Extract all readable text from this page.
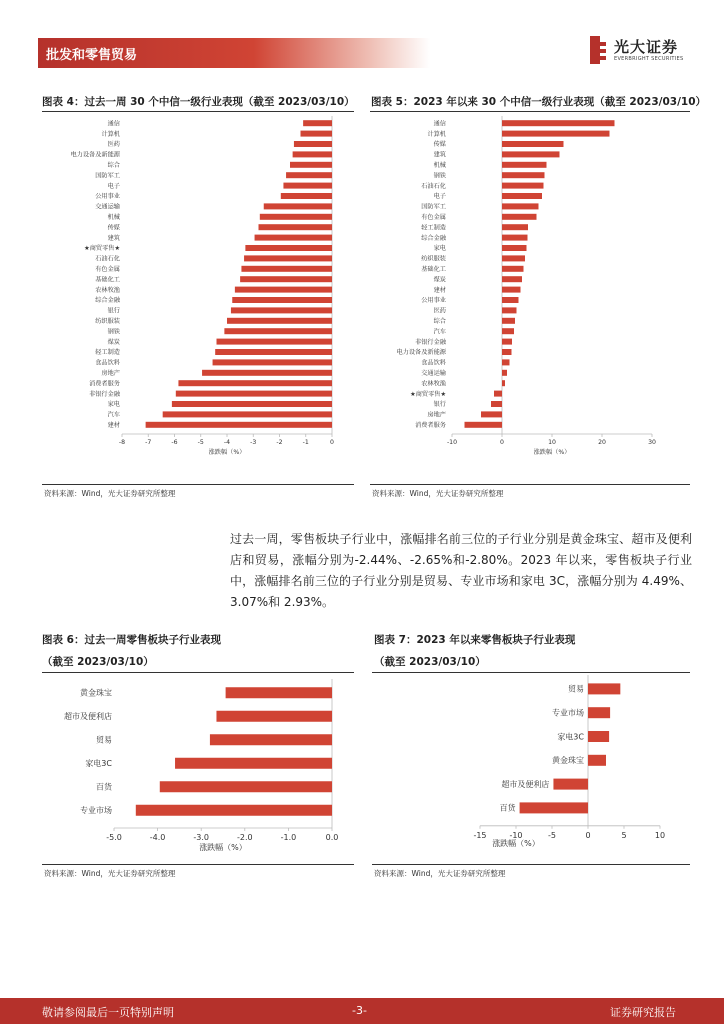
批发和零售贸易	光大证券
EVERBRIGHT SECURITIES
图表 4：过去一周 30 个中信一级行业表现（截至 2023/03/10）
通信
计算机
医药
电力设备及新能源
综合
国防军工
电子
公用事业
交通运输
机械
传媒
建筑
★商贸零售★
石油石化
有色金属
基础化工
农林牧渔
综合金融
银行
纺织服装
钢铁
煤炭
轻工制造
食品饮料
房地产
消费者服务
非银行金融
家电
汽车
建材
-8	-7	-6	-5	-4	-3	-2	-1	0
涨跌幅（%）
资料来源：Wind，光大证券研究所整理
图表 5：2023 年以来 30 个中信一级行业表现（截至 2023/03/10）
通信
计算机
传媒
建筑
机械
钢铁
石油石化
电子
国防军工
有色金属
轻工制造
综合金融
家电
纺织服装
基础化工
煤炭
建材
公用事业
医药
综合
汽车
非银行金融
电力设备及新能源
食品饮料
交通运输
农林牧渔
★商贸零售★
银行
房地产
消费者服务
-10	0	10	20	30
涨跌幅（%）
资料来源：Wind，光大证券研究所整理
过去一周，零售板块子行业中，涨幅排名前三位的子行业分别是黄金珠宝、超市及便利店和贸易，涨幅分别为-2.44%、-2.65%和-2.80%。2023 年以来，零售板块子行业中，涨幅排名前三位的子行业分别是贸易、专业市场和家电 3C，涨幅分别为 4.49%、3.07%和 2.93%。
图表 6：过去一周零售板块子行业表现
（截至 2023/03/10）
黄金珠宝
超市及便利店
贸易
家电3C
百货
专业市场
-5.0	-4.0	-3.0	-2.0	-1.0	0.0
涨跌幅（%）
资料来源：Wind，光大证券研究所整理
图表 7：2023 年以来零售板块子行业表现
（截至 2023/03/10）
贸易
专业市场
家电3C
黄金珠宝
超市及便利店
百货
-15	-10	-5	0	5	10
涨跌幅（%）
资料来源：Wind，光大证券研究所整理
敬请参阅最后一页特别声明	-3-	证券研究报告
